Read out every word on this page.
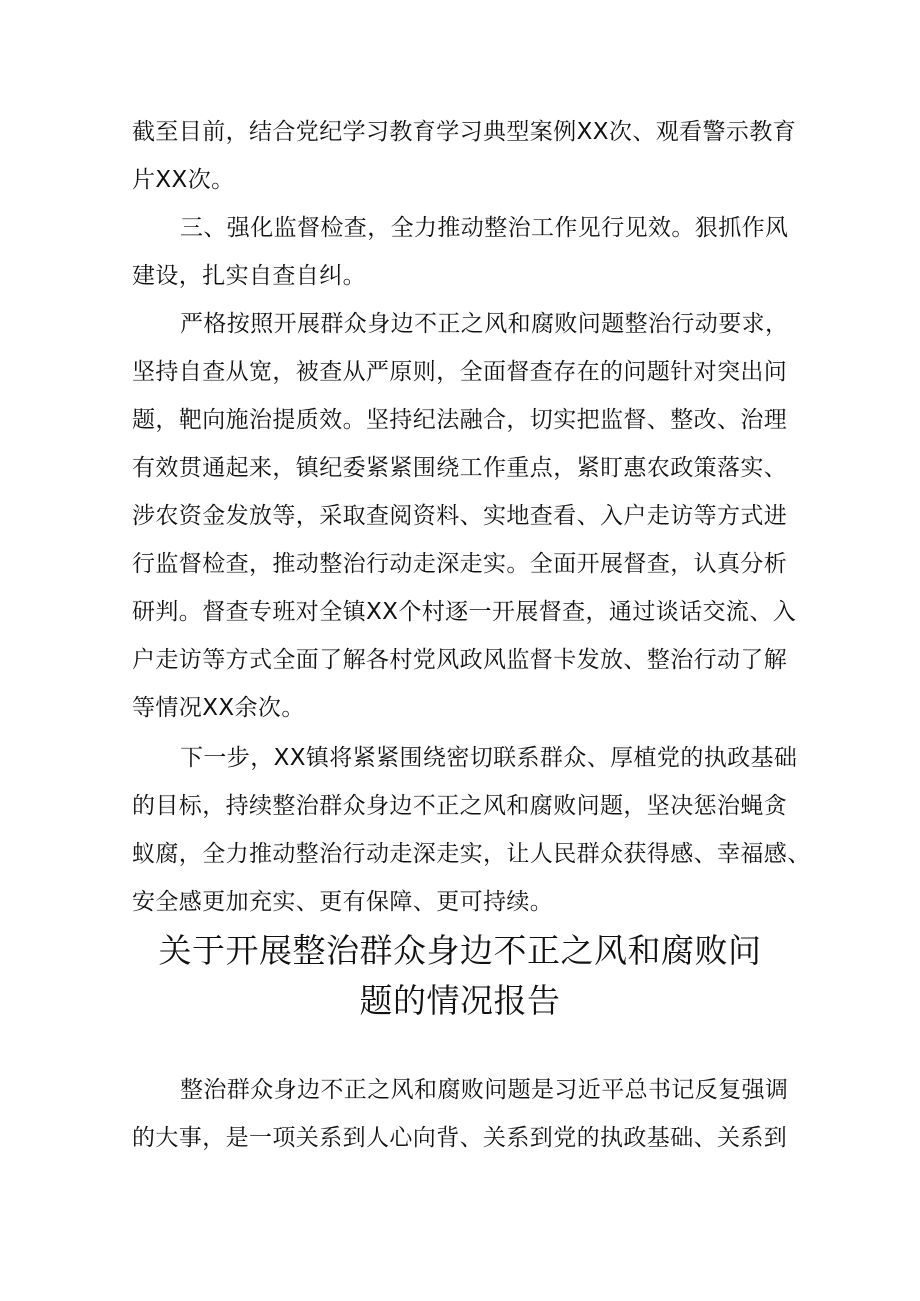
截至目前，结合党纪学习教育学习典型案例XX次、观看警示教育
片XX次。
三、强化监督检查，全力推动整治工作见行见效。狠抓作风
建设，扎实自查自纠。
严格按照开展群众身边不正之风和腐败问题整治行动要求，
坚持自查从宽，被查从严原则，全面督查存在的问题针对突出问
题，靶向施治提质效。坚持纪法融合，切实把监督、整改、治理
有效贯通起来，镇纪委紧紧围绕工作重点，紧盯惠农政策落实、
涉农资金发放等，采取查阅资料、实地查看、入户走访等方式进
行监督检查，推动整治行动走深走实。全面开展督查，认真分析
研判。督查专班对全镇XX个村逐一开展督查，通过谈话交流、入
户走访等方式全面了解各村党风政风监督卡发放、整治行动了解
等情况XX余次。
下一步，XX镇将紧紧围绕密切联系群众、厚植党的执政基础
的目标，持续整治群众身边不正之风和腐败问题，坚决惩治蝇贪
蚁腐，全力推动整治行动走深走实，让人民群众获得感、幸福感、
安全感更加充实、更有保障、更可持续。
关于开展整治群众身边不正之风和腐败问
题的情况报告
整治群众身边不正之风和腐败问题是习近平总书记反复强调
的大事，是一项关系到人心向背、关系到党的执政基础、关系到
